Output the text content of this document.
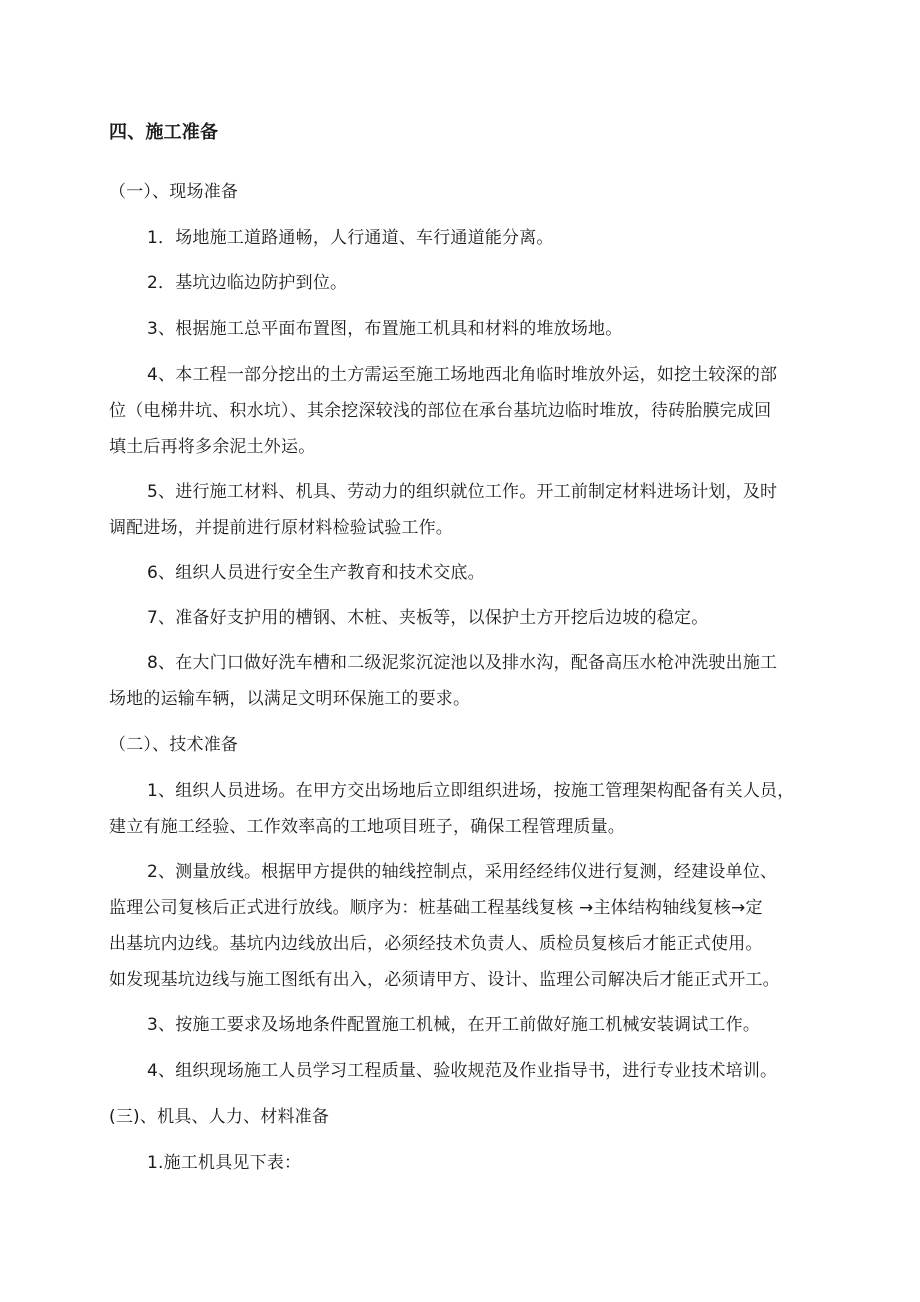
四、施工准备
（一）、现场准备
1．场地施工道路通畅，人行通道、车行通道能分离。
2．基坑边临边防护到位。
3、根据施工总平面布置图，布置施工机具和材料的堆放场地。
4、本工程一部分挖出的土方需运至施工场地西北角临时堆放外运，如挖土较深的部
位（电梯井坑、积水坑）、其余挖深较浅的部位在承台基坑边临时堆放，待砖胎膜完成回
填土后再将多余泥土外运。
5、进行施工材料、机具、劳动力的组织就位工作。开工前制定材料进场计划，及时
调配进场，并提前进行原材料检验试验工作。
6、组织人员进行安全生产教育和技术交底。
7、准备好支护用的槽钢、木桩、夹板等，以保护土方开挖后边坡的稳定。
8、在大门口做好洗车槽和二级泥浆沉淀池以及排水沟，配备高压水枪冲洗驶出施工
场地的运输车辆，以满足文明环保施工的要求。
（二）、技术准备
1、组织人员进场。在甲方交出场地后立即组织进场，按施工管理架构配备有关人员，
建立有施工经验、工作效率高的工地项目班子，确保工程管理质量。
2、测量放线。根据甲方提供的轴线控制点，采用经经纬仪进行复测，经建设单位、
监理公司复核后正式进行放线。顺序为：桩基础工程基线复核 →主体结构轴线复核→定
出基坑内边线。基坑内边线放出后，必须经技术负责人、质检员复核后才能正式使用。
如发现基坑边线与施工图纸有出入，必须请甲方、设计、监理公司解决后才能正式开工。
3、按施工要求及场地条件配置施工机械，在开工前做好施工机械安装调试工作。
4、组织现场施工人员学习工程质量、验收规范及作业指导书，进行专业技术培训。
(三)、机具、人力、材料准备
1.施工机具见下表：
